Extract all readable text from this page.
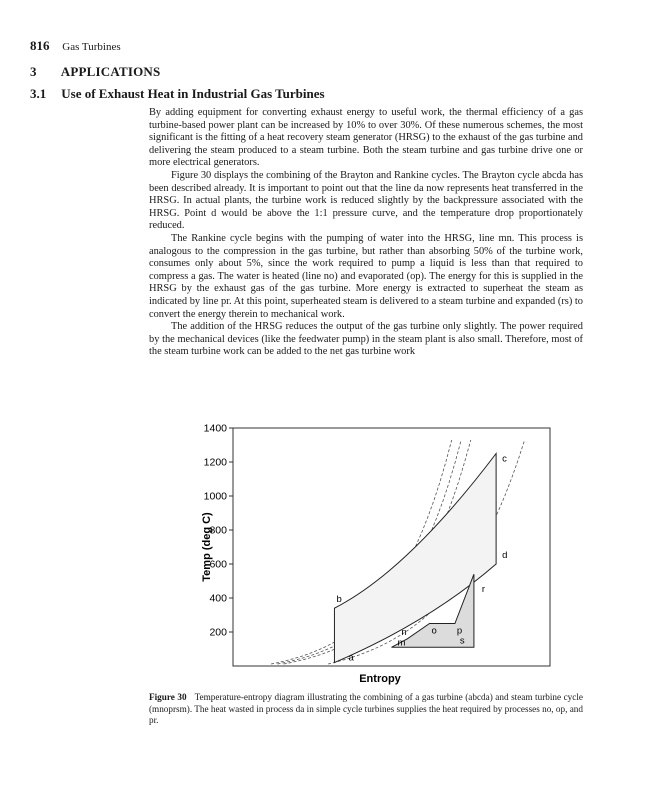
816 Gas Turbines
3 APPLICATIONS
3.1 Use of Exhaust Heat in Industrial Gas Turbines

By adding equipment for converting exhaust energy to useful work, the thermal efficiency of a gas turbine-based power plant can be increased by 10% to over 30%. Of these numerous schemes, the most significant is the fitting of a heat recovery steam generator (HRSG) to the exhaust of the gas turbine and delivering the steam produced to a steam turbine. Both the steam turbine and gas turbine drive one or more electrical generators.

Figure 30 displays the combining of the Brayton and Rankine cycles. The Brayton cycle abcda has been described already. It is important to point out that the line da now represents heat transferred in the HRSG. In actual plants, the turbine work is reduced slightly by the backpressure associated with the HRSG. Point d would be above the 1:1 pressure curve, and the temperature drop proportionately reduced.

The Rankine cycle begins with the pumping of water into the HRSG, line mn. This process is analogous to the compression in the gas turbine, but rather than absorbing 50% of the turbine work, consumes only about 5%, since the work required to pump a liquid is less than that required to compress a gas. The water is heated (line no) and evaporated (op). The energy for this is supplied in the HRSG by the exhaust gas of the gas turbine. More energy is extracted to superheat the steam as indicated by line pr. At this point, superheated steam is delivered to a steam turbine and expanded (rs) to convert the energy therein to mechanical work.

The addition of the HRSG reduces the output of the gas turbine only slightly. The power required by the mechanical devices (like the feedwater pump) in the steam plant is also small. Therefore, most of the steam turbine work can be added to the net gas turbine work

200
400
600
800
1000
1200
1400
a
b
c
d
m
n	o p
r
s
Entropy
Temp (deg C)
Figure 30 Temperature-entropy diagram illustrating the combining of a gas turbine (abcda) and steam turbine cycle (mnoprsm). The heat wasted in process da in simple cycle turbines supplies the heat required by processes no, op, and pr.
